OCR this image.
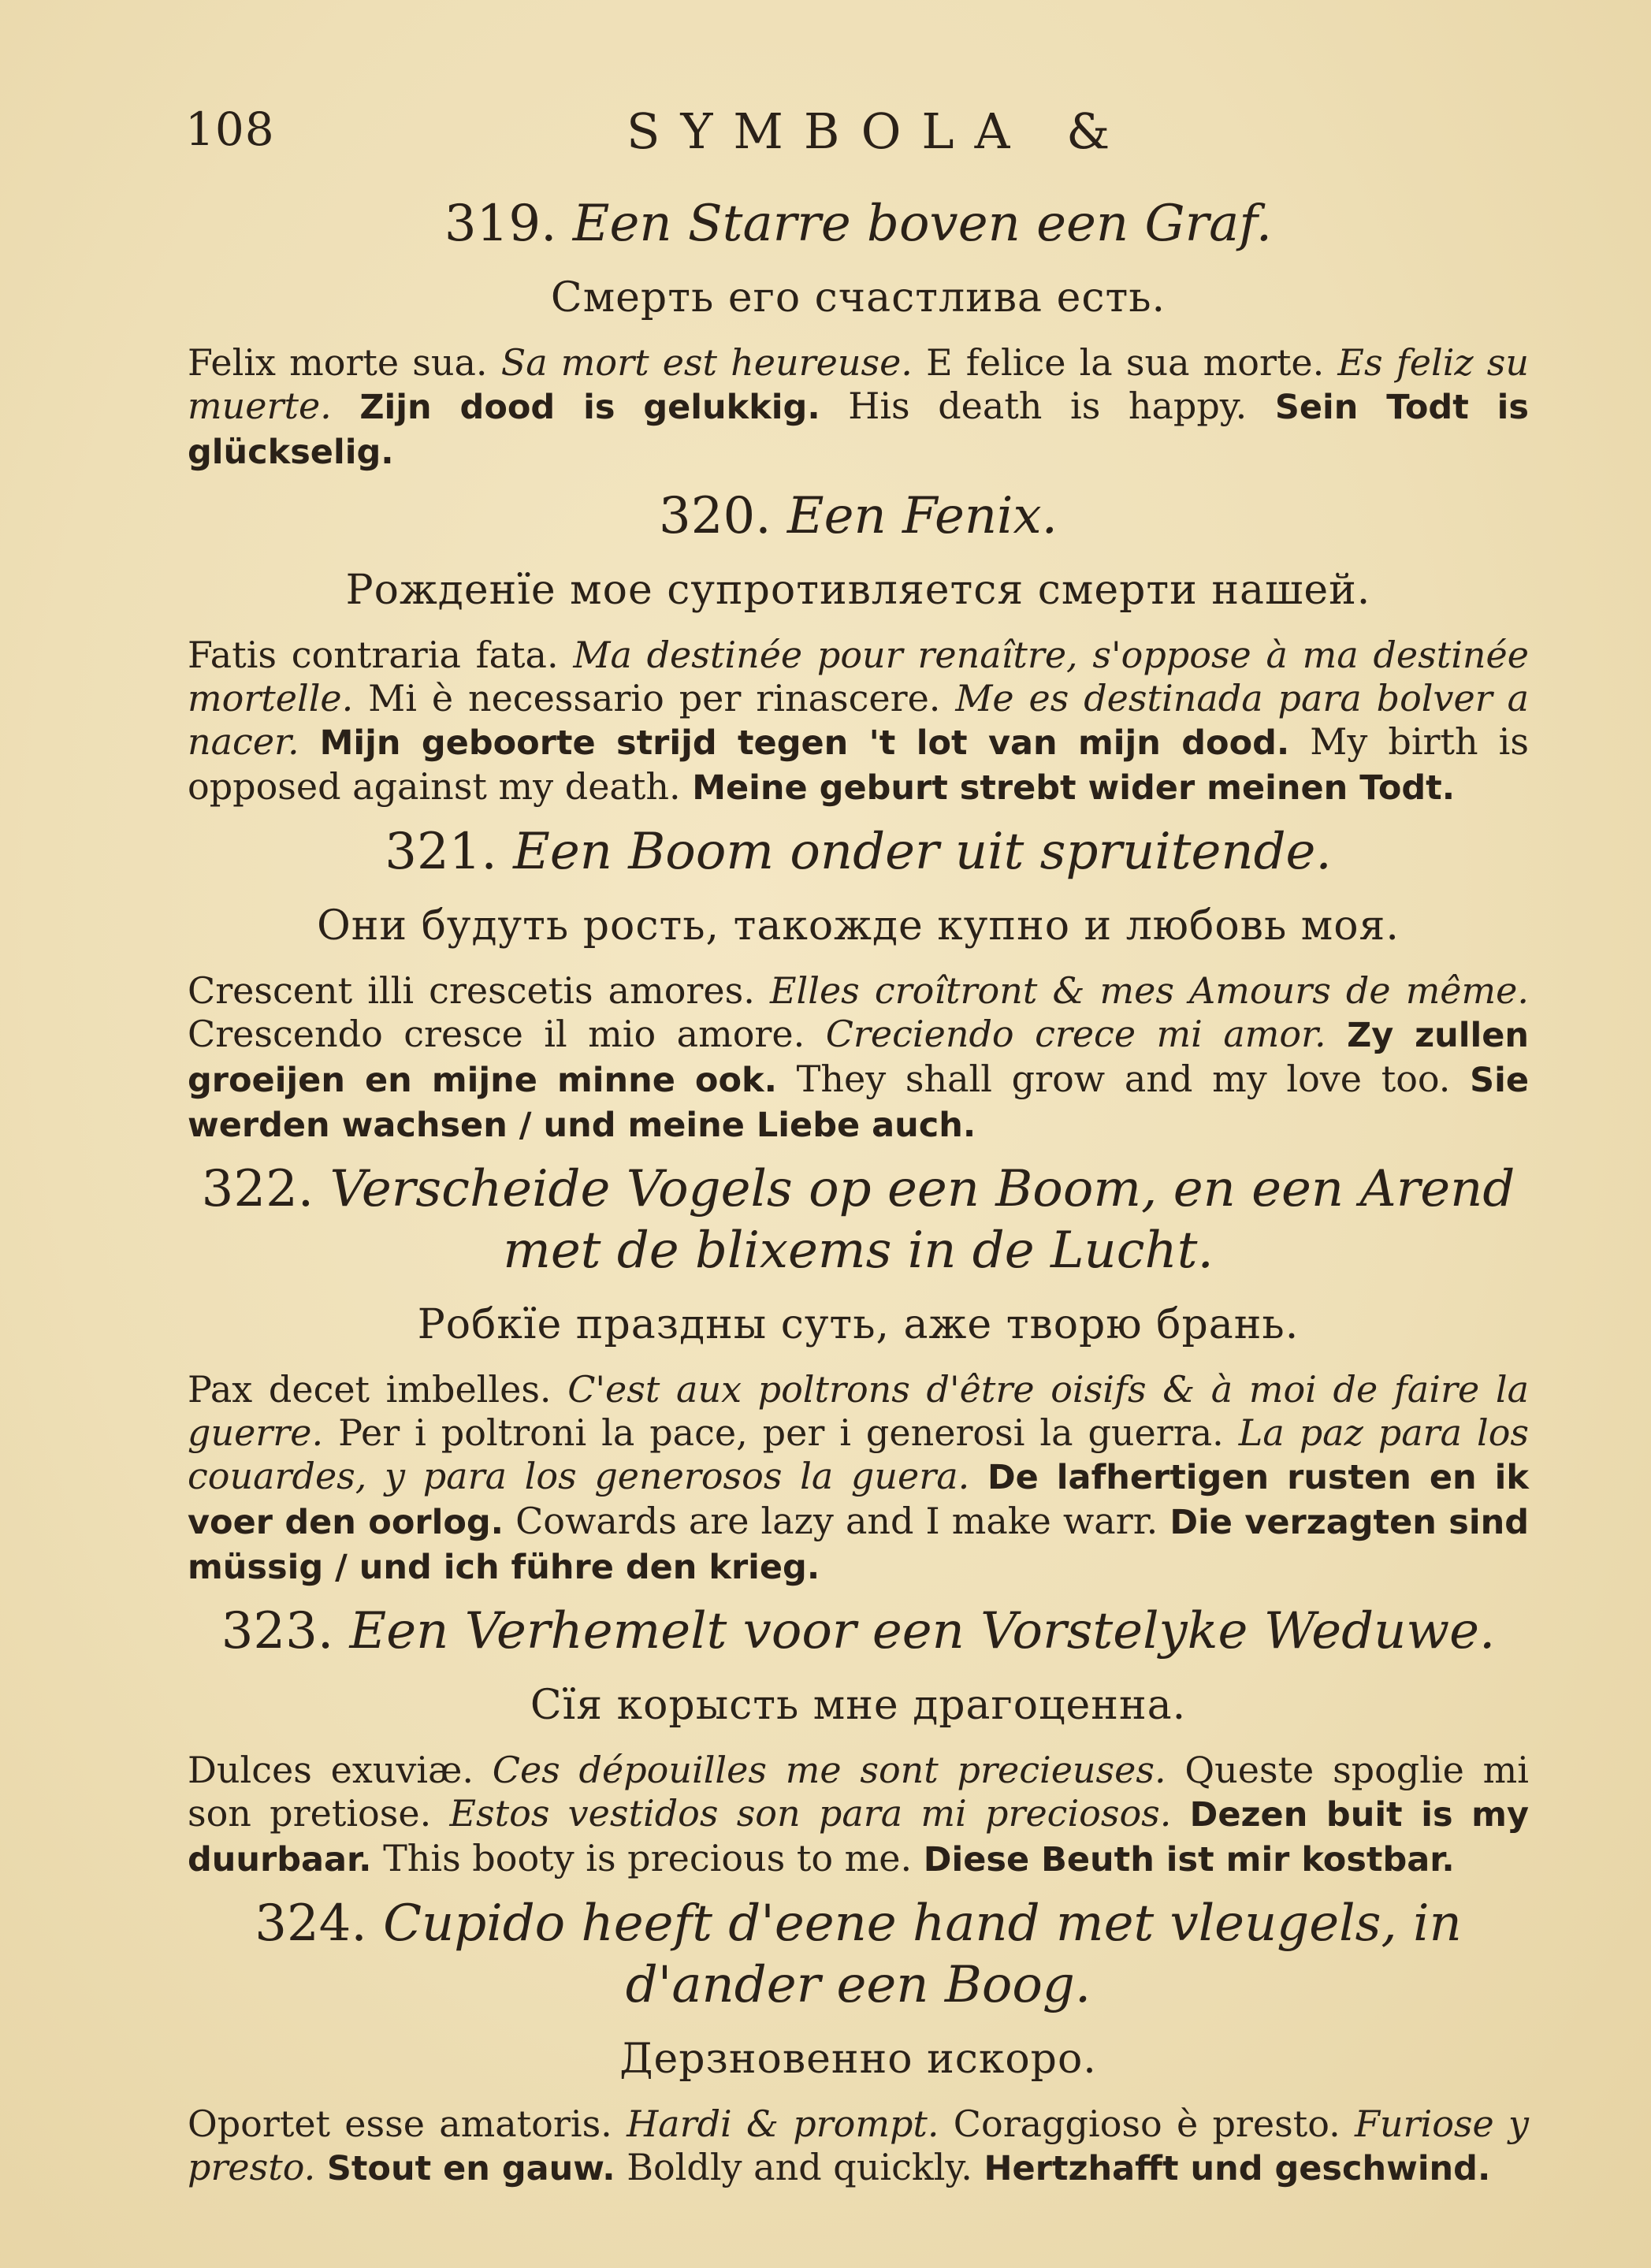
108	SYMBOLA &

319. Een Starre boven een Graf.

Смерть его счастлива есть.

Felix morte sua. Sa mort est heureuse. E felice la sua morte. Es feliz su muerte. Zijn dood is gelukkig. His death is happy. Sein Todt is glückselig.

320. Een Fenix.

Рожденїе мое супротивляется смерти нашей.

Fatis contraria fata. Ma destinée pour renaître, s'oppose à ma destinée mortelle. Mi è necessario per rinascere. Me es destinada para bolver a nacer. Mijn geboorte strijd tegen 't lot van mijn dood. My birth is opposed against my death. Meine geburt strebt wider meinen Todt.

321. Een Boom onder uit spruitende.

Они будуть рость, такожде купно и любовь моя.

Crescent illi crescetis amores. Elles croîtront & mes Amours de même. Crescendo cresce il mio amore. Creciendo crece mi amor. Zy zullen groeijen en mijne minne ook. They shall grow and my love too. Sie werden wachsen / und meine Liebe auch.

322. Verscheide Vogels op een Boom, en een Arend met de blixems in de Lucht.

Робкїе праздны суть, аже творю брань.

Pax decet imbelles. C'est aux poltrons d'être oisifs & à moi de faire la guerre. Per i poltroni la pace, per i generosi la guerra. La paz para los couardes, y para los generosos la guera. De lafhertigen rusten en ik voer den oorlog. Cowards are lazy and I make warr. Die verzagten sind müssig / und ich führe den krieg.

323. Een Verhemelt voor een Vorstelyke Weduwe.

Сїя корысть мне драгоценна.

Dulces exuviæ. Ces dépouilles me sont precieuses. Queste spoglie mi son pretiose. Estos vestidos son para mi preciosos. Dezen buit is my duurbaar. This booty is precious to me. Diese Beuth ist mir kostbar.

324. Cupido heeft d'eene hand met vleugels, in d'ander een Boog.

Дерзновенно искоро.

Oportet esse amatoris. Hardi & prompt. Coraggioso è presto. Furiose y presto. Stout en gauw. Boldly and quickly. Hertzhafft und geschwind.
